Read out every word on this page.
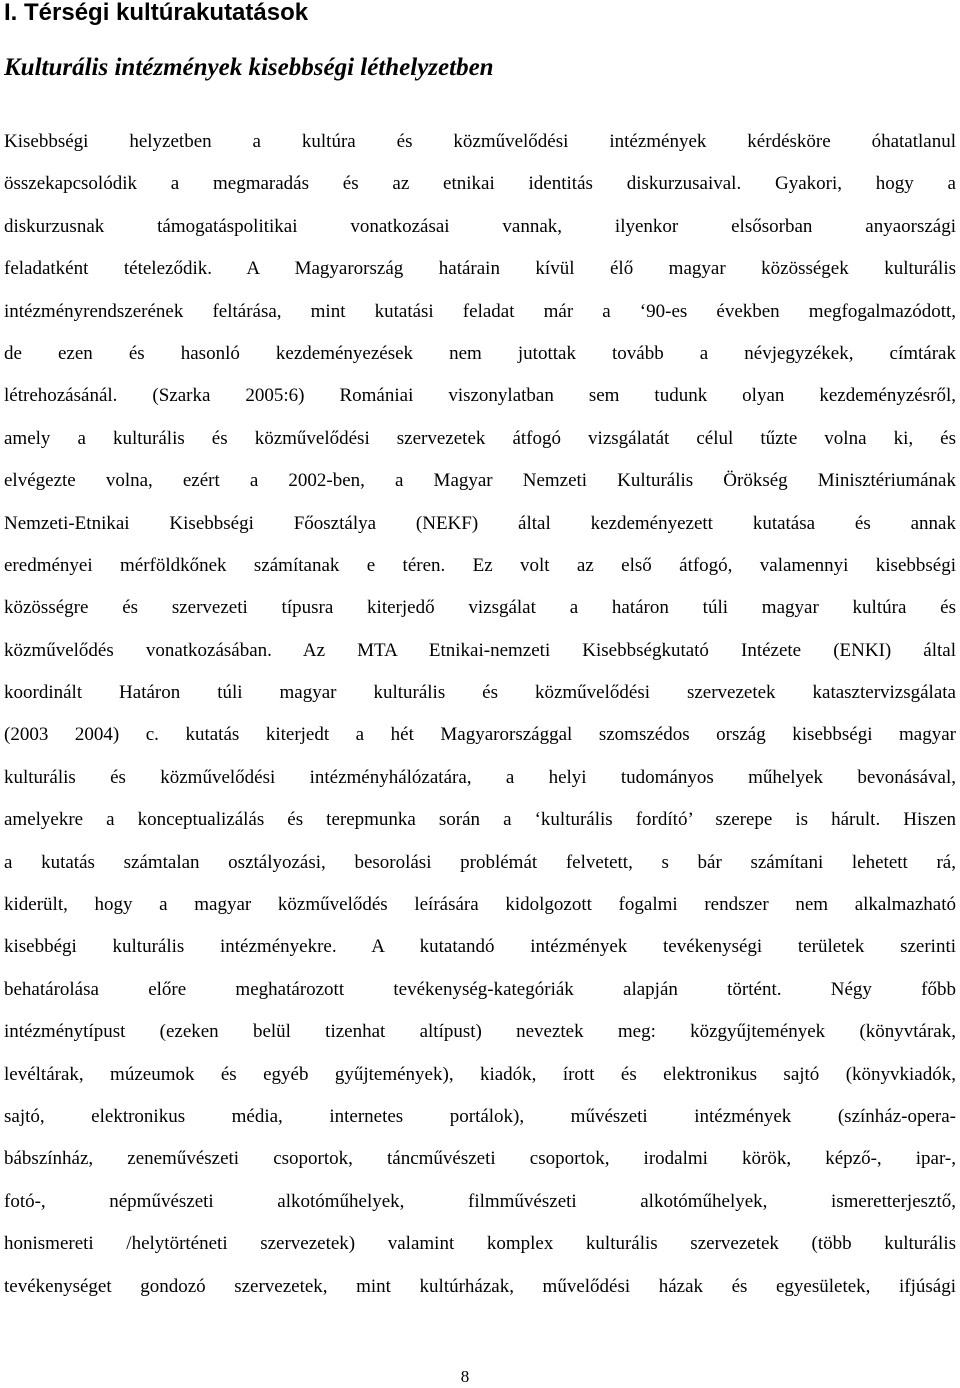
I. Térségi kultúrakutatások
Kulturális intézmények kisebbségi léthelyzetben
Kisebbségi helyzetben a kultúra és közművelődési intézmények kérdésköre óhatatlanul
összekapcsolódik a megmaradás és az etnikai identitás diskurzusaival. Gyakori, hogy a
diskurzusnak támogatáspolitikai vonatkozásai vannak, ilyenkor elsősorban anyaországi
feladatként tételeződik. A Magyarország határain kívül élő magyar közösségek kulturális
intézményrendszerének feltárása, mint kutatási feladat már a ‘90-es években megfogalmazódott,
de ezen és hasonló kezdeményezések nem jutottak tovább a névjegyzékek, címtárak
létrehozásánál. (Szarka 2005:6) Romániai viszonylatban sem tudunk olyan kezdeményzésről,
amely a kulturális és közművelődési szervezetek átfogó vizsgálatát célul tűzte volna ki, és
elvégezte volna, ezért a 2002-ben, a Magyar Nemzeti Kulturális Örökség Minisztériumának
Nemzeti-Etnikai Kisebbségi Főosztálya (NEKF) által kezdeményezett kutatása és annak
eredményei mérföldkőnek számítanak e téren. Ez volt az első átfogó, valamennyi kisebbségi
közösségre és szervezeti típusra kiterjedő vizsgálat a határon túli magyar kultúra és
közművelődés vonatkozásában. Az MTA Etnikai-nemzeti Kisebbségkutató Intézete (ENKI) által
koordinált Határon túli magyar kulturális és közművelődési szervezetek katasztervizsgálata
(2003 2004) c. kutatás kiterjedt a hét Magyarországgal szomszédos ország kisebbségi magyar
kulturális és közművelődési intézményhálózatára, a helyi tudományos műhelyek bevonásával,
amelyekre a konceptualizálás és terepmunka során a ‘kulturális fordító’ szerepe is hárult. Hiszen
a kutatás számtalan osztályozási, besorolási problémát felvetett, s bár számítani lehetett rá,
kiderült, hogy a magyar közművelődés leírására kidolgozott fogalmi rendszer nem alkalmazható
kisebbégi kulturális intézményekre. A kutatandó intézmények tevékenységi területek szerinti
behatárolása előre meghatározott tevékenység-kategóriák alapján történt. Négy főbb
intézménytípust (ezeken belül tizenhat altípust) neveztek meg: közgyűjtemények (könyvtárak,
levéltárak, múzeumok és egyéb gyűjtemények), kiadók, írott és elektronikus sajtó (könyvkiadók,
sajtó, elektronikus média, internetes portálok), művészeti intézmények (színház-opera-
bábszínház, zeneművészeti csoportok, táncművészeti csoportok, irodalmi körök, képző-, ipar-,
fotó-, népművészeti alkotóműhelyek, filmművészeti alkotóműhelyek, ismeretterjesztő,
honismereti /helytörténeti szervezetek) valamint komplex kulturális szervezetek (több kulturális
tevékenységet gondozó szervezetek, mint kultúrházak, művelődési házak és egyesületek, ifjúsági
8
